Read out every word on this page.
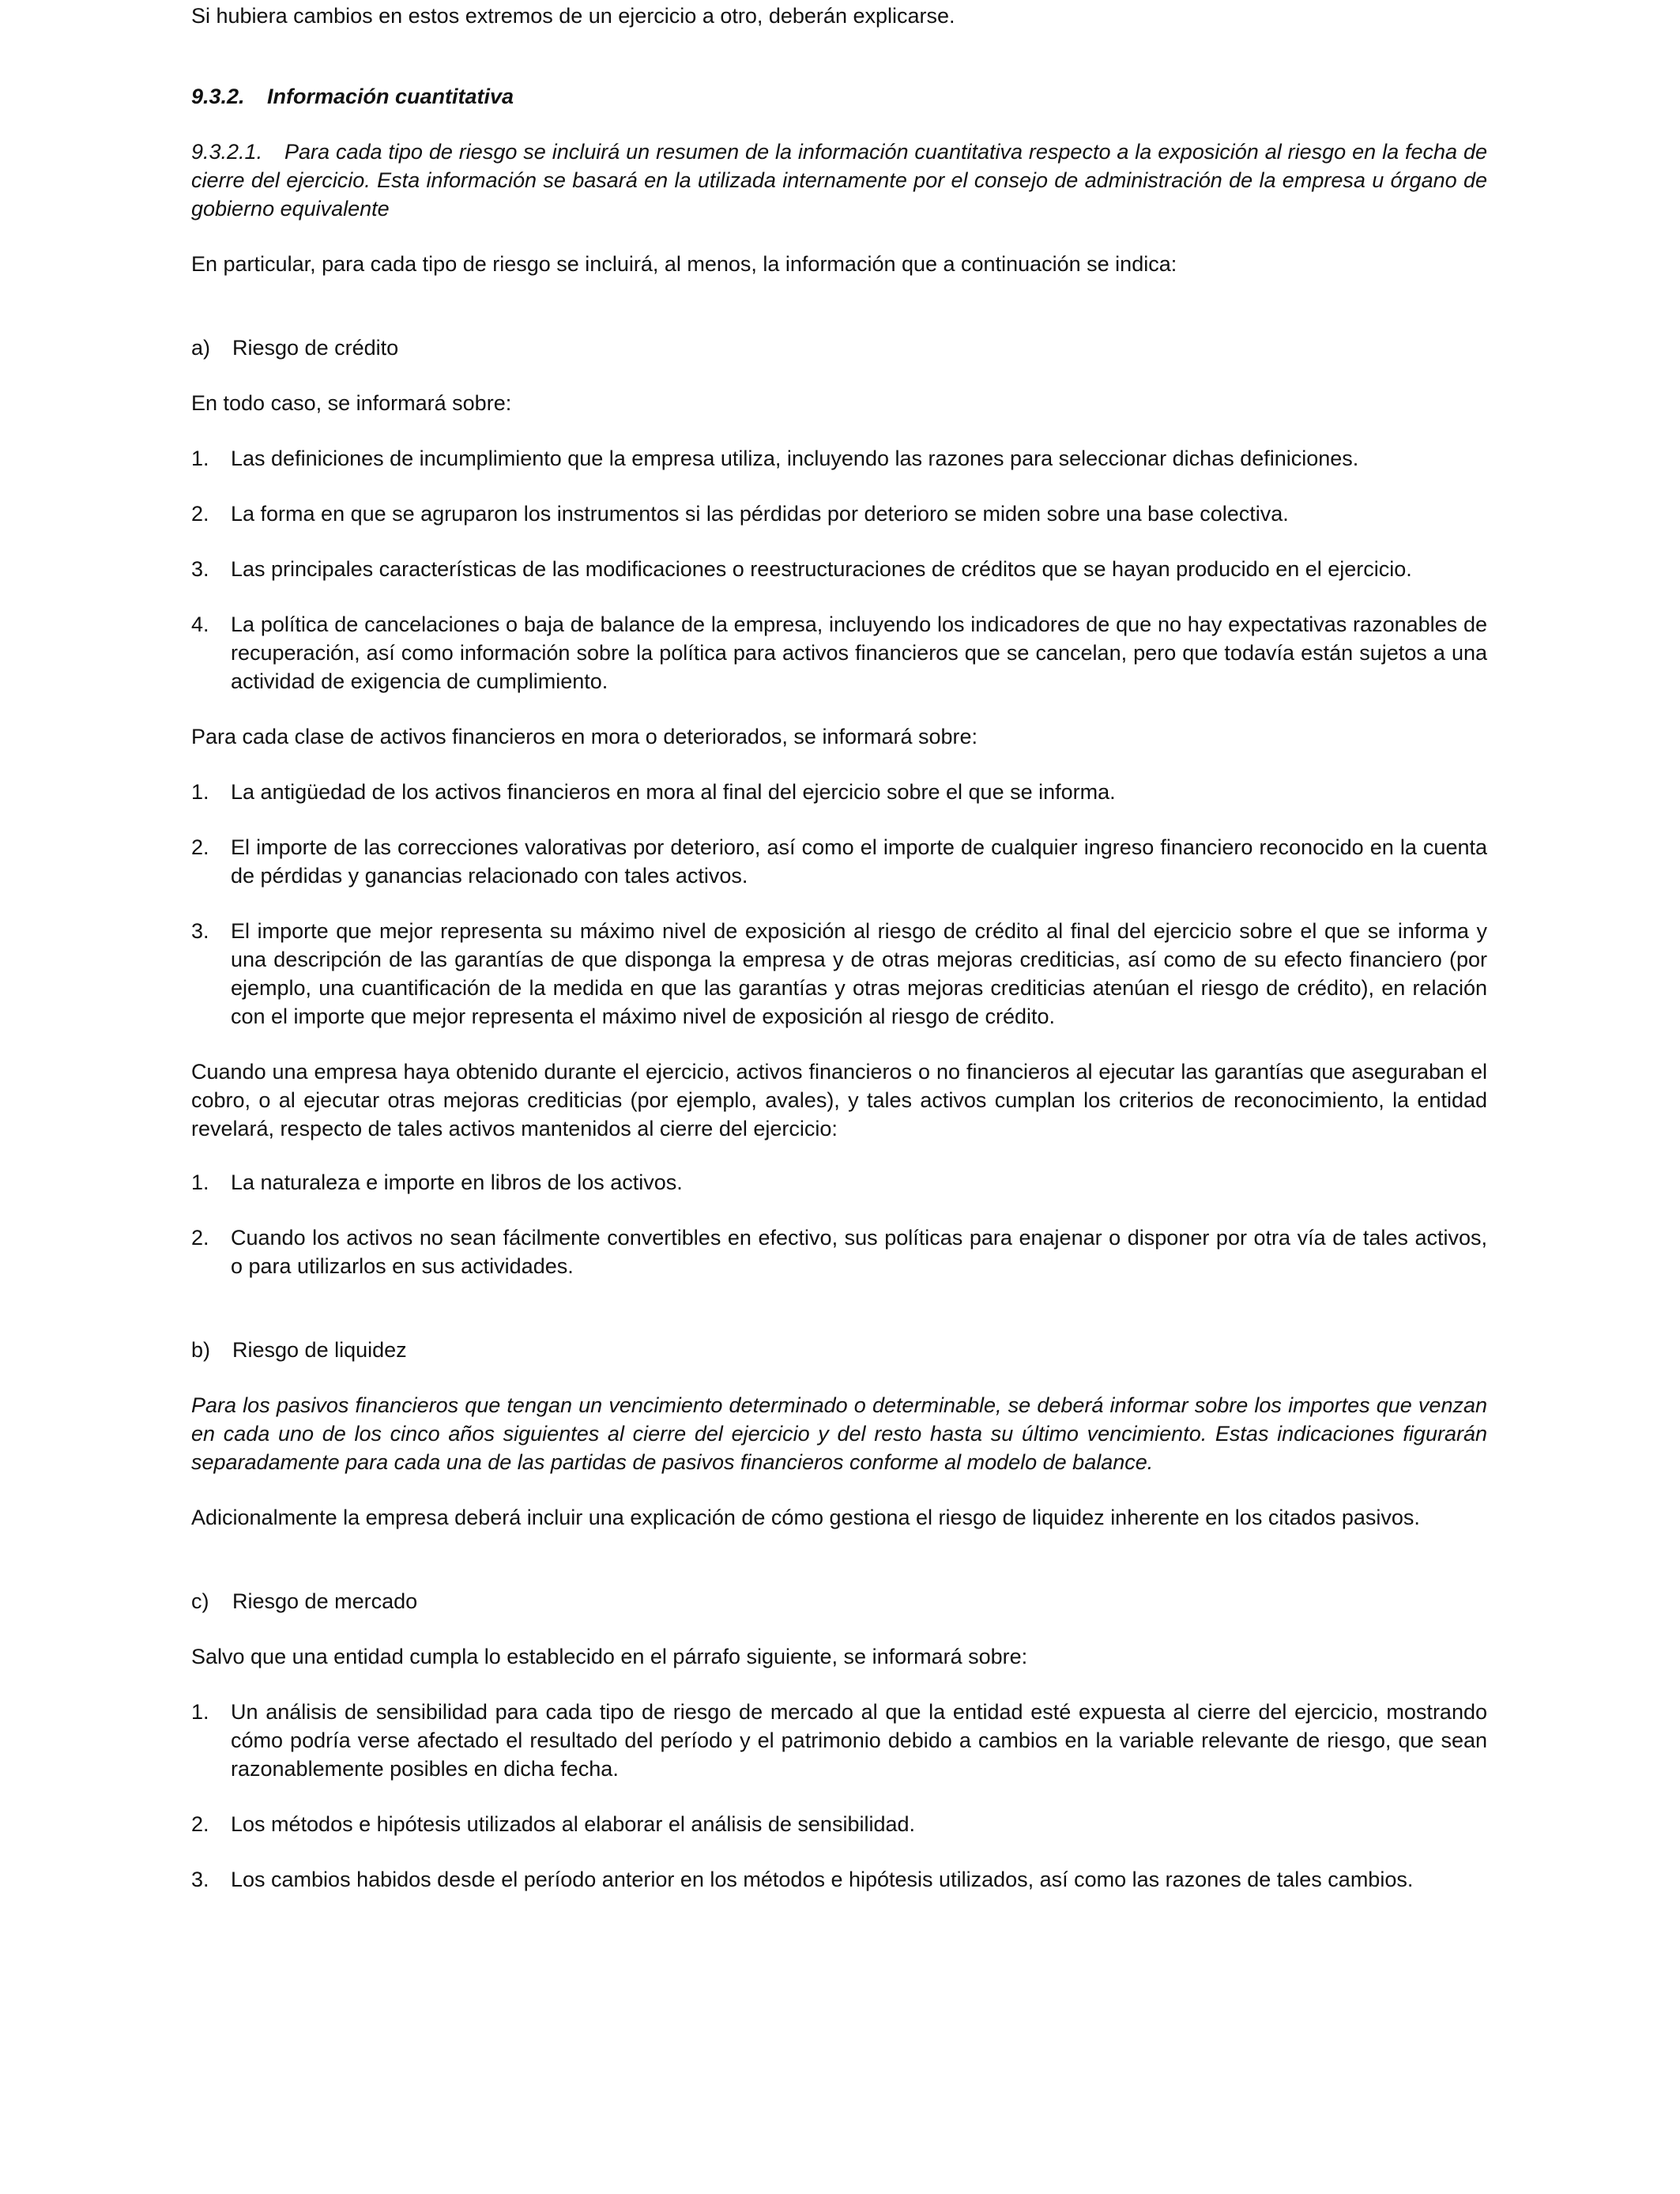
Si hubiera cambios en estos extremos de un ejercicio a otro, deberán explicarse.

9.3.2. Información cuantitativa

9.3.2.1. Para cada tipo de riesgo se incluirá un resumen de la información cuantitativa respecto a la exposición al riesgo en la fecha de cierre del ejercicio. Esta información se basará en la utilizada internamente por el consejo de administración de la empresa u órgano de gobierno equivalente

En particular, para cada tipo de riesgo se incluirá, al menos, la información que a continuación se indica:

a) Riesgo de crédito

En todo caso, se informará sobre:

1.	Las definiciones de incumplimiento que la empresa utiliza, incluyendo las razones para seleccionar dichas definiciones.
2.	La forma en que se agruparon los instrumentos si las pérdidas por deterioro se miden sobre una base colectiva.
3.	Las principales características de las modificaciones o reestructuraciones de créditos que se hayan producido en el ejercicio.
4.	La política de cancelaciones o baja de balance de la empresa, incluyendo los indicadores de que no hay expectativas razonables de recuperación, así como información sobre la política para activos financieros que se cancelan, pero que todavía están sujetos a una actividad de exigencia de cumplimiento.

Para cada clase de activos financieros en mora o deteriorados, se informará sobre:

1.	La antigüedad de los activos financieros en mora al final del ejercicio sobre el que se informa.
2.	El importe de las correcciones valorativas por deterioro, así como el importe de cualquier ingreso financiero reconocido en la cuenta de pérdidas y ganancias relacionado con tales activos.
3.	El importe que mejor representa su máximo nivel de exposición al riesgo de crédito al final del ejercicio sobre el que se informa y una descripción de las garantías de que disponga la empresa y de otras mejoras crediticias, así como de su efecto financiero (por ejemplo, una cuantificación de la medida en que las garantías y otras mejoras crediticias atenúan el riesgo de crédito), en relación con el importe que mejor representa el máximo nivel de exposición al riesgo de crédito.

Cuando una empresa haya obtenido durante el ejercicio, activos financieros o no financieros al ejecutar las garantías que aseguraban el cobro, o al ejecutar otras mejoras crediticias (por ejemplo, avales), y tales activos cumplan los criterios de reconocimiento, la entidad revelará, respecto de tales activos mantenidos al cierre del ejercicio:

1.	La naturaleza e importe en libros de los activos.
2.	Cuando los activos no sean fácilmente convertibles en efectivo, sus políticas para enajenar o disponer por otra vía de tales activos, o para utilizarlos en sus actividades.

b) Riesgo de liquidez

Para los pasivos financieros que tengan un vencimiento determinado o determinable, se deberá informar sobre los importes que venzan en cada uno de los cinco años siguientes al cierre del ejercicio y del resto hasta su último vencimiento. Estas indicaciones figurarán separadamente para cada una de las partidas de pasivos financieros conforme al modelo de balance.

Adicionalmente la empresa deberá incluir una explicación de cómo gestiona el riesgo de liquidez inherente en los citados pasivos.

c) Riesgo de mercado

Salvo que una entidad cumpla lo establecido en el párrafo siguiente, se informará sobre:

1.	Un análisis de sensibilidad para cada tipo de riesgo de mercado al que la entidad esté expuesta al cierre del ejercicio, mostrando cómo podría verse afectado el resultado del período y el patrimonio debido a cambios en la variable relevante de riesgo, que sean razonablemente posibles en dicha fecha.
2.	Los métodos e hipótesis utilizados al elaborar el análisis de sensibilidad.
3.	Los cambios habidos desde el período anterior en los métodos e hipótesis utilizados, así como las razones de tales cambios.
